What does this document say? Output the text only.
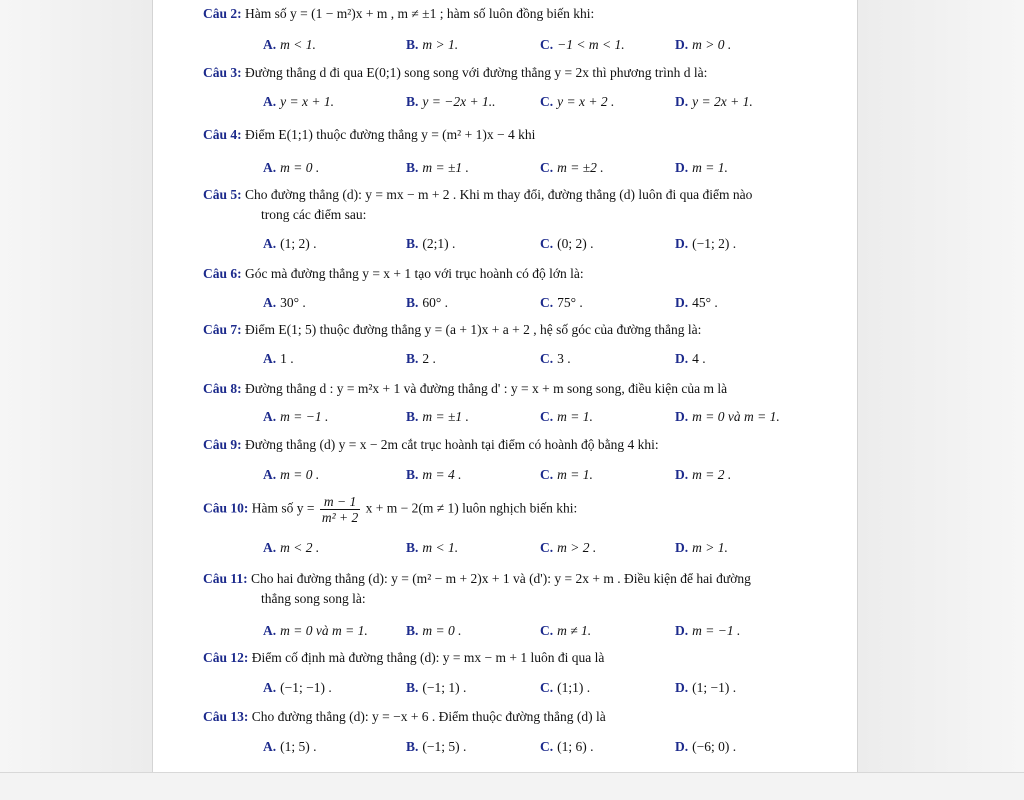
Câu 2: Hàm số y = (1 − m²)x + m , m ≠ ±1 ; hàm số luôn đồng biến khi:
A. m < 1.	B. m > 1.	C. −1 < m < 1.	D. m > 0 .
Câu 3: Đường thẳng d đi qua E(0;1) song song với đường thẳng y = 2x thì phương trình d là:
A. y = x + 1.	B. y = −2x + 1..	C. y = x + 2 .	D. y = 2x + 1.
Câu 4: Điểm E(1;1) thuộc đường thẳng y = (m² + 1)x − 4 khi
A. m = 0 .	B. m = ±1 .	C. m = ±2 .	D. m = 1.
Câu 5: Cho đường thẳng (d): y = mx − m + 2 . Khi m thay đổi, đường thẳng (d) luôn đi qua điểm nào
trong các điểm sau:
A. (1; 2) .	B. (2;1) .	C. (0; 2) .	D. (−1; 2) .
Câu 6: Góc mà đường thẳng y = x + 1 tạo với trục hoành có độ lớn là:
A. 30° .	B. 60° .	C. 75° .	D. 45° .
Câu 7: Điểm E(1; 5) thuộc đường thẳng y = (a + 1)x + a + 2 , hệ số góc của đường thẳng là:
A. 1 .	B. 2 .	C. 3 .	D. 4 .
Câu 8: Đường thẳng d : y = m²x + 1 và đường thẳng d' : y = x + m song song, điều kiện của m là
A. m = −1 .	B. m = ±1 .	C. m = 1.	D. m = 0 và m = 1.
Câu 9: Đường thẳng (d) y = x − 2m cắt trục hoành tại điểm có hoành độ bằng 4 khi:
A. m = 0 .	B. m = 4 .	C. m = 1.	D. m = 2 .
Câu 10: Hàm số $y = \frac{m - 1}{\text{m² + 2}}$ x + m − 2(m ≠ 1) luôn nghịch biến khi:
A. m < 2 .	B. m < 1.	C. m > 2 .	D. m > 1.
Câu 11: Cho hai đường thẳng (d): y = (m² − m + 2)x + 1 và (d'): y = 2x + m . Điều kiện để hai đường
thẳng song song là:
A. m = 0 và m = 1.	B. m = 0 .	C. m ≠ 1.	D. m = −1 .
Câu 12: Điểm cố định mà đường thẳng (d): y = mx − m + 1 luôn đi qua là
A. (−1; −1) .	B. (−1; 1) .	C. (1;1) .	D. (1; −1) .
Câu 13: Cho đường thẳng (d): y = −x + 6 . Điểm thuộc đường thẳng (d) là
A. (1; 5) .	B. (−1; 5) .	C. (1; 6) .	D. (−6; 0) .
